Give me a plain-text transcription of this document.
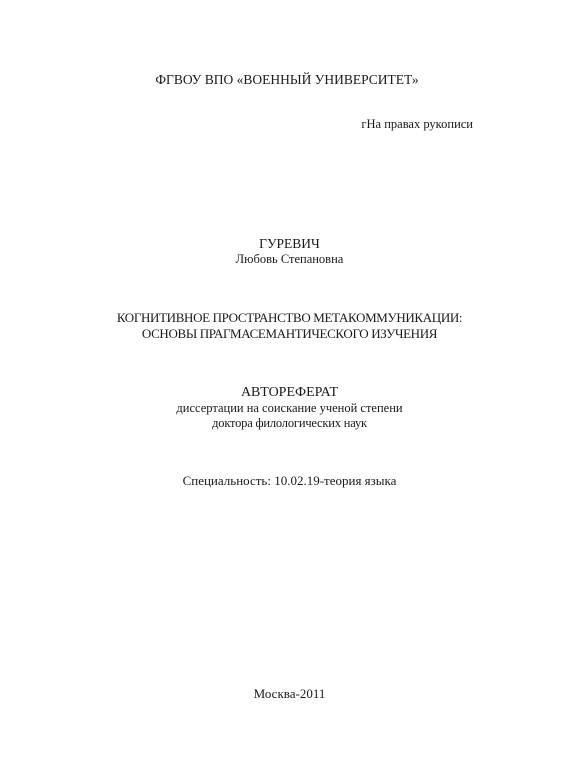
ФГВОУ ВПО «ВОЕННЫЙ УНИВЕРСИТЕТ»
гНа правах рукописи
ГУРЕВИЧ
Любовь Степановна
КОГНИТИВНОЕ ПРОСТРАНСТВО МЕТАКОММУНИКАЦИИ:
ОСНОВЫ ПРАГМАСЕМАНТИЧЕСКОГО ИЗУЧЕНИЯ
АВТОРЕФЕРАТ
диссертации на соискание ученой степени
доктора филологических наук
Специальность: 10.02.19-теория языка
Москва-2011
